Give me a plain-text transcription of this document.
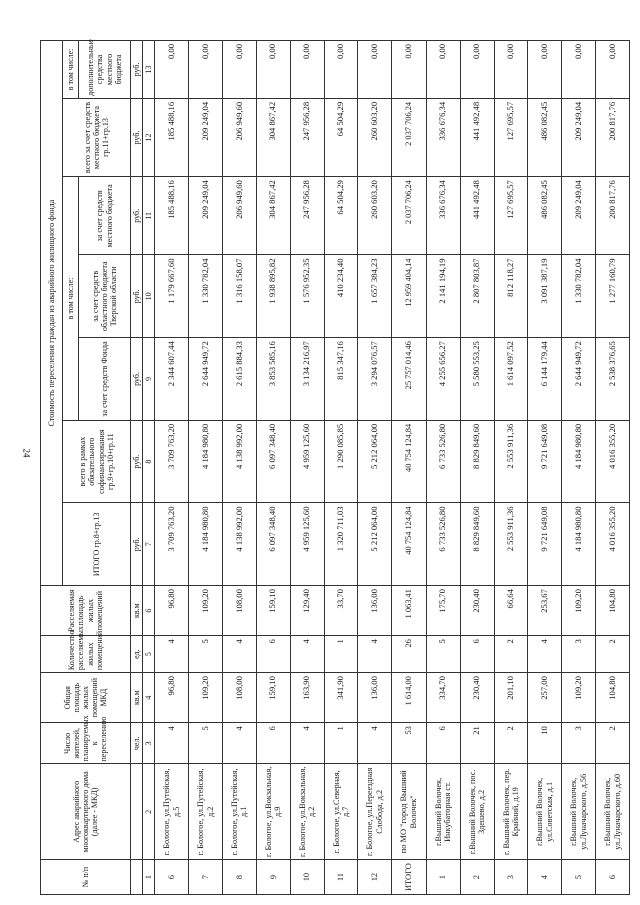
24
№ п/п	Адрес аварийного многоквартирного дома (далее - МКД)	Число жителей, планируемых к переселению	Общая площадь жилых помещений МКД	Количество расселяемых жилых помещений	Расселяемая площадь жилых помещений	Стоимость переселения граждан из аварийного жилищного фонда						
						ИТОГО гр.8+гр.13	всего в рамках обязательного софинансирования гр.9+гр.10+гр.11	в том числе:			всего за счет средств местного бюджета гр.11+гр.13	в том числе:
								за счет средств Фонда	за счет средств областного бюджета Тверской области	за счет средств местного бюджета		дополнительные средства местного бюджета

		чел.	кв.м	ед.	кв.м	руб.	руб.	руб.	руб.	руб.	руб.	руб.
1	2	3	4	5	6	7	8	9	10	11	12	13
6	г. Бологое, ул.Путейская, д.5	4	96,80	4	96,80	3 709 763,20	3 709 763,20	2 344 607,44	1 179 667,60	185 488,16	185 488,16	0,00
7	г. Бологое, ул.Путейская, д.2	5	109,20	5	109,20	4 184 980,80	4 184 980,80	2 644 949,72	1 330 782,04	209 249,04	209 249,04	0,00
8	г. Бологое, ул.Путейская, д.1	4	108,00	4	108,00	4 138 992,00	4 138 992,00	2 615 884,33	1 316 158,07	206 949,60	206 949,60	0,00
9	г. Бологое, ул.Вокзальная, д.9	6	159,10	6	159,10	6 097 348,40	6 097 348,40	3 853 585,16	1 938 895,82	304 867,42	304 867,42	0,00
10	г. Бологое, ул.Вокзальная, д.2	4	163,90	4	129,40	4 959 125,60	4 959 125,60	3 134 216,97	1 576 952,35	247 956,28	247 956,28	0,00
11	г. Бологое, ул.Северная, д.7	1	341,90	1	33,70	1 320 711,03	1 290 085,85	815 347,16	410 234,40	64 504,29	64 504,29	0,00
12	г. Бологое, ул.Переездная Слобода, д.2	4	136,00	4	136,00	5 212 064,00	5 212 064,00	3 294 076,57	1 657 384,23	260 603,20	260 603,20	0,00
ИТОГО	по МО "город Вышний Волочек"	53	1 614,00	26	1 063,41	40 754 124,84	40 754 124,84	25 757 014,46	12 959 404,14	2 037 706,24	2 037 706,24	0,00
1	г.Вышний Волочек, Инкубаторная ст.	6	334,70	5	175,70	6 733 526,80	6 733 526,80	4 255 656,27	2 141 194,19	336 676,34	336 676,34	0,00
2	г.Вышний Волочек, пос. Здешево, д.2	21	230,40	6	230,40	8 829 849,60	8 829 849,60	5 580 553,25	2 807 803,87	441 492,48	441 492,48	0,00
3	г. Вышний Волочек, пер. Крайний, д.19	2	201,10	2	66,64	2 553 911,36	2 553 911,36	1 614 097,52	812 118,27	127 695,57	127 695,57	0,00
4	г.Вышний Волочек, ул.Советская, д.1	10	257,00	4	253,67	9 721 649,08	9 721 649,08	6 144 179,44	3 091 387,19	486 082,45	486 082,45	0,00
5	г.Вышний Волочек, ул.Луначарского, д.56	3	109,20	3	109,20	4 184 980,80	4 184 980,80	2 644 949,72	1 330 782,04	209 249,04	209 249,04	0,00
6	г.Вышний Волочек, ул.Луначарского, д.60	2	104,80	2	104,80	4 016 355,20	4 016 355,20	2 538 376,65	1 277 160,79	200 817,76	200 817,76	0,00
